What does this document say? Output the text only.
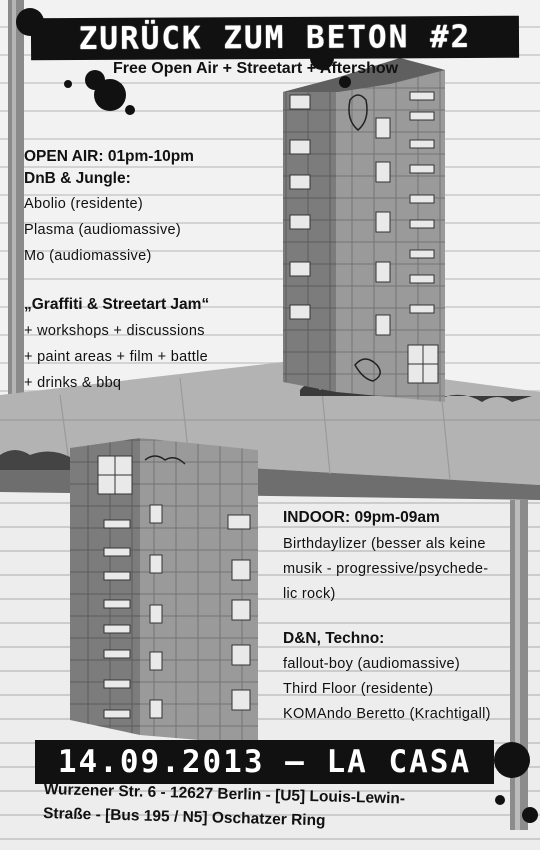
ZURÜCK ZUM BETON #2
Free Open Air + Streetart + Aftershow
OPEN AIR: 01pm-10pm
DnB & Jungle:
Abolio (residente)
Plasma (audiomassive)
Mo (audiomassive)
„Graffiti & Streetart Jam“
+ workshops + discussions
+ paint areas + film + battle
+ drinks & bbq
INDOOR: 09pm-09am
Birthdaylizer (besser als keine
musik - progressive/psychede-
lic rock)
D&N, Techno:
fallout-boy (audiomassive)
Third Floor (residente)
KOMAndo Beretto (Krachtigall)
14.09.2013 – LA CASA
Wurzener Str. 6 - 12627 Berlin - [U5] Louis-Lewin-
Straße - [Bus 195 / N5] Oschatzer Ring
